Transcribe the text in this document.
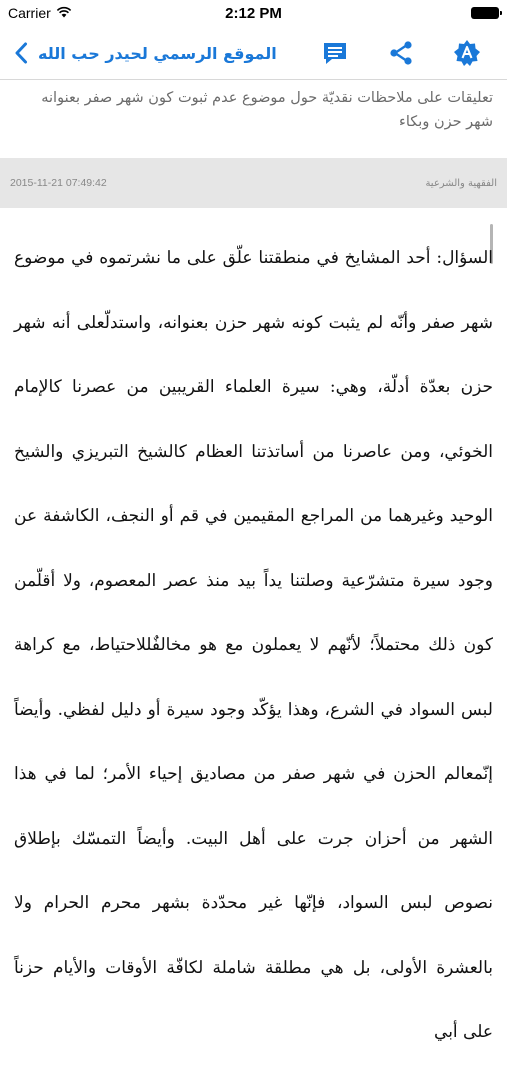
Carrier	2:12 PM
الموقع الرسمي لحيدر حب الله
تعليقات على ملاحظات نقديّة حول موضوع عدم ثبوت كون شهر صفر بعنوانه شهر حزن وبكاء
2015-11-21 07:49:42	الفقهية والشرعية

السؤال: أحد المشايخ في منطقتنا علّق على ما نشرتموه في موضوع شهر صفر وأنّه لم يثبت كونه شهر حزن بعنوانه، واستدلّعلى أنه شهر حزن بعدّة أدلّة، وهي: سيرة العلماء القريبين من عصرنا كالإمام الخوئي، ومن عاصرنا من أساتذتنا العظام كالشيخ التبريزي والشيخ الوحيد وغيرهما من المراجع المقيمين في قم أو النجف، الكاشفة عن وجود سيرة متشرّعية وصلتنا يداً بيد منذ عصر المعصوم، ولا أقلّمن كون ذلك محتملاً؛ لأنّهم لا يعملون مع هو مخالفٌللاحتياط، مع كراهة لبس السواد في الشرع، وهذا يؤكّد وجود سيرة أو دليل لفظي. وأيضاً إنّمعالم الحزن في شهر صفر من مصاديق إحياء الأمر؛ لما في هذا الشهر من أحزان جرت على أهل البيت. وأيضاً التمسّك بإطلاق نصوص لبس السواد، فإنّها غير محدّدة بشهر محرم الحرام ولا بالعشرة الأولى، بل هي مطلقة شاملة لكافّة الأوقات والأيام حزناً على أبي
